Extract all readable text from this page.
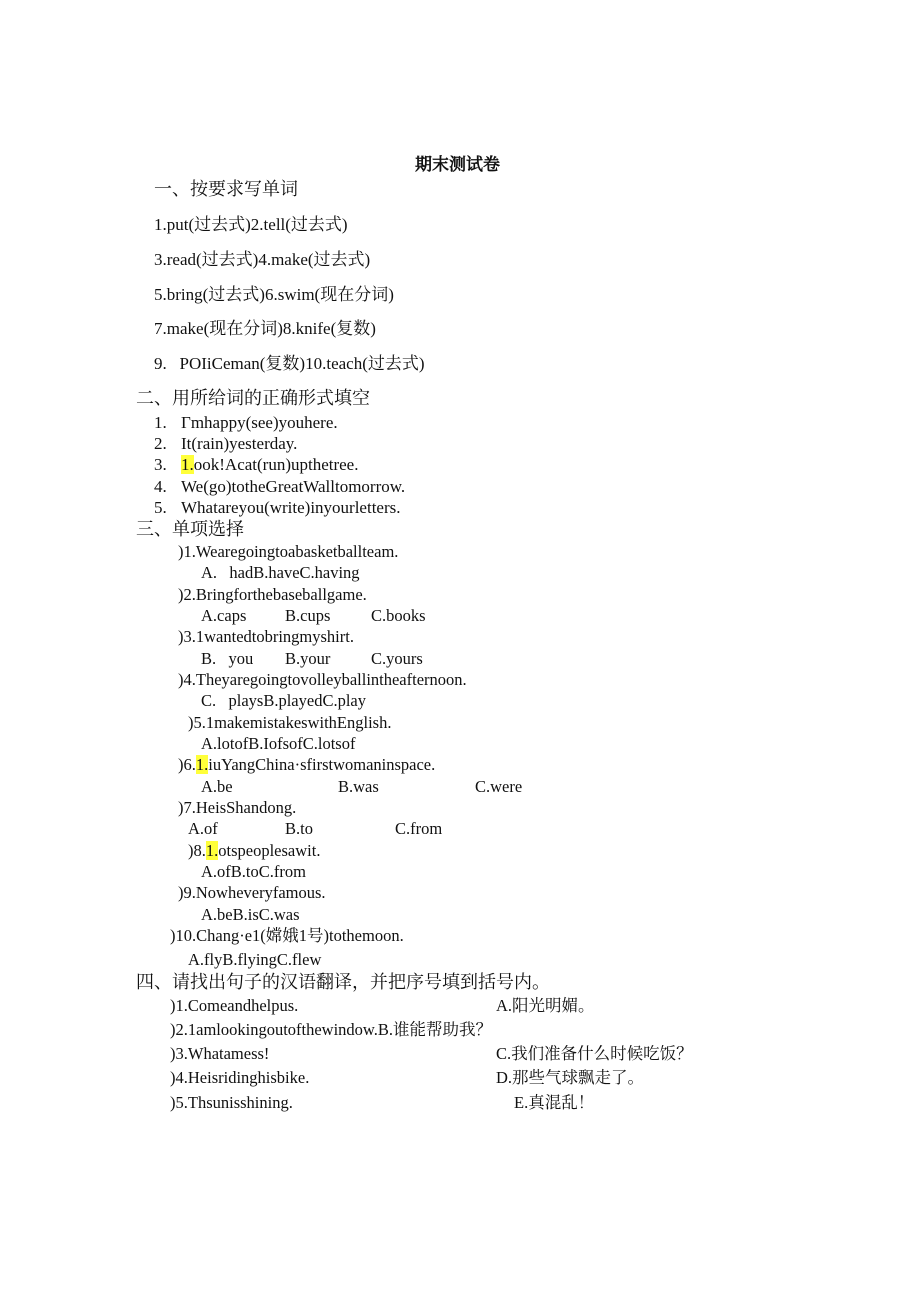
期末测试卷
一、按要求写单词
1.put(过去式)2.tell(过去式)
3.read(过去式)4.make(过去式)
5.bring(过去式)6.swim(现在分词)
7.make(现在分词)8.knife(复数)
9.   POIiCeman(复数)10.teach(过去式)
二、用所给词的正确形式填空
1. Γmhappy(see)youhere.
2. It(rain)yesterday.
3. 1.ook!Acat(run)upthetree.
4. We(go)totheGreatWalltomorrow.
5. Whatareyou(write)inyourletters.
三、单项选择
)1.Wearegoingtoabasketballteam.
A.   hadB.haveC.having
)2.Bringforthebaseballgame.
A.caps B.cups C.books
)3.1wantedtobringmyshirt.
B.   you B.your C.yours
)4.Theyaregoingtovolleyballintheafternoon.
C.   playsB.playedC.play
)5.1makemistakeswithEnglish.
A.lotofB.IofsofC.lotsof
)6.1.iuYangChina·sfirstwomaninspace.
A.be	B.was	C.were
)7.HeisShandong.
A.of	B.to	C.from
)8.1.otspeoplesawit.
A.ofB.toC.from
)9.Nowheveryfamous.
A.beB.isC.was
)10.Chang·e1(嫦娥1号)tothemoon.
A.flyB.flyingC.flew
四、请找出句子的汉语翻译，并把序号填到括号内。
)1.Comeandhelpus.	A.阳光明媚。
)2.1amlookingoutofthewindow.B.谁能帮助我？
)3.Whatamess!	C.我们准备什么时候吃饭？
)4.Heisridinghisbike.	D.那些气球飘走了。
)5.Thsunisshining.	E.真混乱！
